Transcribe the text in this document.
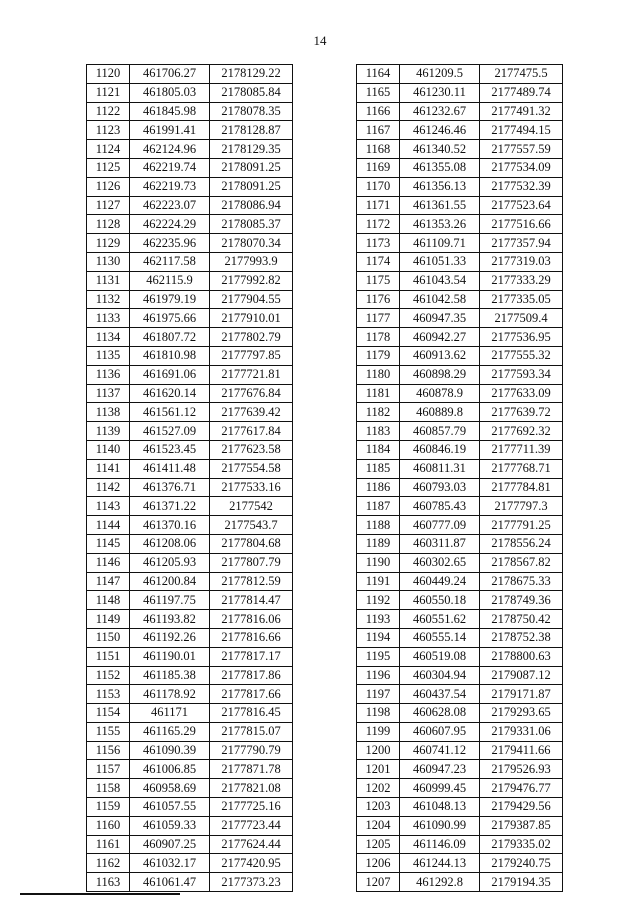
14
1120	461706.27	2178129.22
1121	461805.03	2178085.84
1122	461845.98	2178078.35
1123	461991.41	2178128.87
1124	462124.96	2178129.35
1125	462219.74	2178091.25
1126	462219.73	2178091.25
1127	462223.07	2178086.94
1128	462224.29	2178085.37
1129	462235.96	2178070.34
1130	462117.58	2177993.9
1131	462115.9	2177992.82
1132	461979.19	2177904.55
1133	461975.66	2177910.01
1134	461807.72	2177802.79
1135	461810.98	2177797.85
1136	461691.06	2177721.81
1137	461620.14	2177676.84
1138	461561.12	2177639.42
1139	461527.09	2177617.84
1140	461523.45	2177623.58
1141	461411.48	2177554.58
1142	461376.71	2177533.16
1143	461371.22	2177542
1144	461370.16	2177543.7
1145	461208.06	2177804.68
1146	461205.93	2177807.79
1147	461200.84	2177812.59
1148	461197.75	2177814.47
1149	461193.82	2177816.06
1150	461192.26	2177816.66
1151	461190.01	2177817.17
1152	461185.38	2177817.86
1153	461178.92	2177817.66
1154	461171	2177816.45
1155	461165.29	2177815.07
1156	461090.39	2177790.79
1157	461006.85	2177871.78
1158	460958.69	2177821.08
1159	461057.55	2177725.16
1160	461059.33	2177723.44
1161	460907.25	2177624.44
1162	461032.17	2177420.95
1163	461061.47	2177373.23
1164	461209.5	2177475.5
1165	461230.11	2177489.74
1166	461232.67	2177491.32
1167	461246.46	2177494.15
1168	461340.52	2177557.59
1169	461355.08	2177534.09
1170	461356.13	2177532.39
1171	461361.55	2177523.64
1172	461353.26	2177516.66
1173	461109.71	2177357.94
1174	461051.33	2177319.03
1175	461043.54	2177333.29
1176	461042.58	2177335.05
1177	460947.35	2177509.4
1178	460942.27	2177536.95
1179	460913.62	2177555.32
1180	460898.29	2177593.34
1181	460878.9	2177633.09
1182	460889.8	2177639.72
1183	460857.79	2177692.32
1184	460846.19	2177711.39
1185	460811.31	2177768.71
1186	460793.03	2177784.81
1187	460785.43	2177797.3
1188	460777.09	2177791.25
1189	460311.87	2178556.24
1190	460302.65	2178567.82
1191	460449.24	2178675.33
1192	460550.18	2178749.36
1193	460551.62	2178750.42
1194	460555.14	2178752.38
1195	460519.08	2178800.63
1196	460304.94	2179087.12
1197	460437.54	2179171.87
1198	460628.08	2179293.65
1199	460607.95	2179331.06
1200	460741.12	2179411.66
1201	460947.23	2179526.93
1202	460999.45	2179476.77
1203	461048.13	2179429.56
1204	461090.99	2179387.85
1205	461146.09	2179335.02
1206	461244.13	2179240.75
1207	461292.8	2179194.35
